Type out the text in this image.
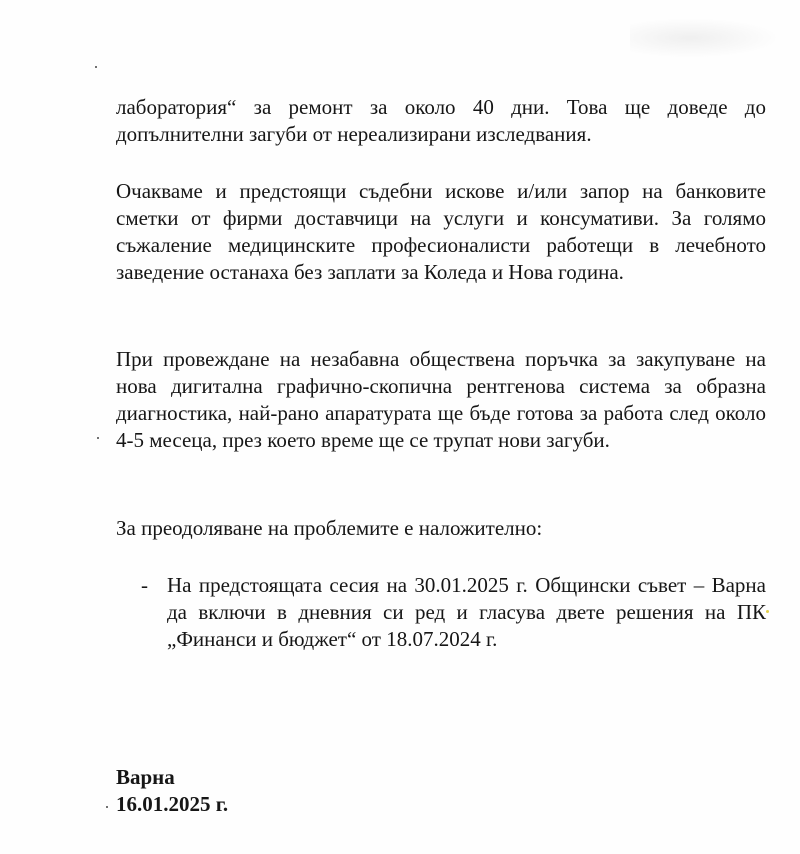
лаборатория“ за ремонт за около 40 дни. Това ще доведе до допълнителни загуби от нереализирани изследвания.

Очакваме и предстоящи съдебни искове и/или запор на банковите сметки от фирми доставчици на услуги и консумативи. За голямо съжаление медицинските професионалисти работещи в лечебното заведение останаха без заплати за Коледа и Нова година.

При провеждане на незабавна обществена поръчка за закупуване на нова дигитална графично-скопична рентгенова система за образна диагностика, най-рано апаратурата ще бъде готова за работа след около 4-5 месеца, през което време ще се трупат нови загуби.

За преодоляване на проблемите е наложително:

- На предстоящата сесия на 30.01.2025 г. Общински съвет – Варна да включи в дневния си ред и гласува двете решения на ПК „Финанси и бюджет“ от 18.07.2024 г.
Варна
16.01.2025 г.
